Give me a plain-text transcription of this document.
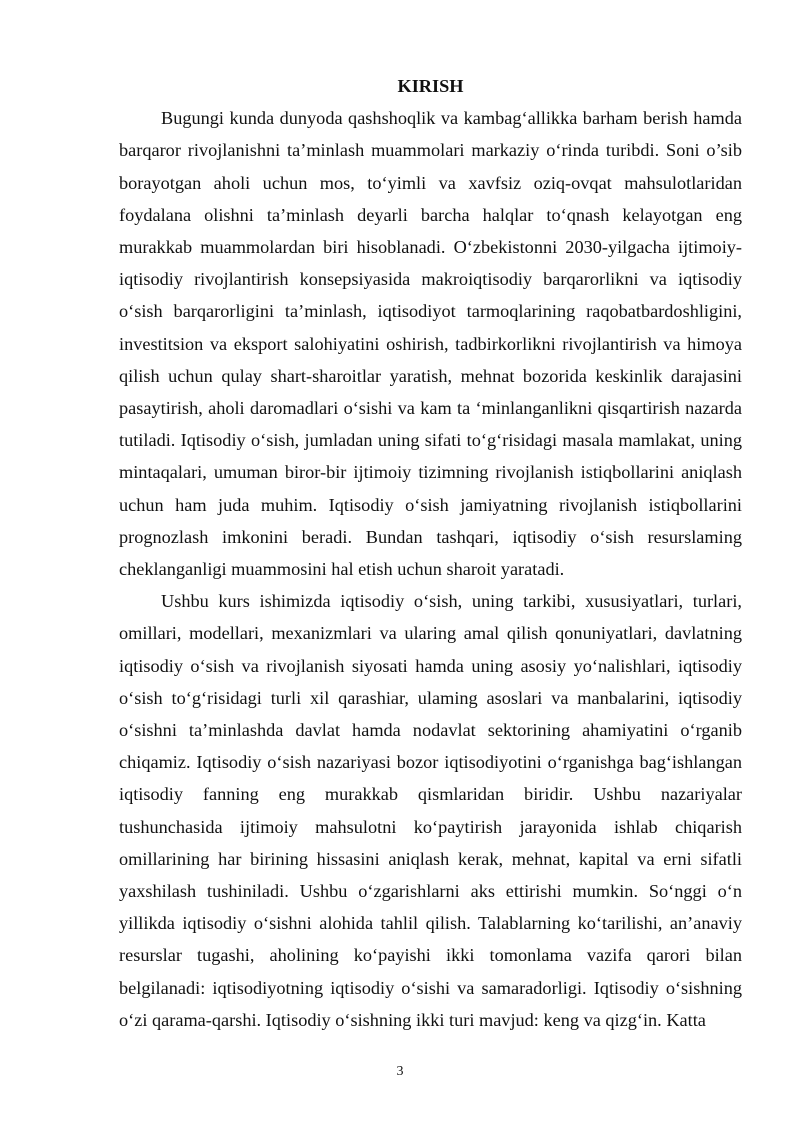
KIRISH

Bugungi kunda dunyoda qashshoqlik va kambag‘allikka barham berish hamda barqaror rivojlanishni ta’minlash muammolari markaziy o‘rinda turibdi. Soni o’sib borayotgan aholi uchun mos, to‘yimli va xavfsiz oziq-ovqat mahsulotlaridan foydalana olishni ta’minlash deyarli barcha halqlar to‘qnash kelayotgan eng murakkab muammolardan biri hisoblanadi. O‘zbekistonni 2030-yilgacha ijtimoiy-iqtisodiy rivojlantirish konsepsiyasida makroiqtisodiy barqarorlikni va iqtisodiy o‘sish barqarorligini ta’minlash, iqtisodiyot tarmoqlarining raqobatbardoshligini, investitsion va eksport salohiyatini oshirish, tadbirkorlikni rivojlantirish va himoya qilish uchun qulay shart-sharoitlar yaratish, mehnat bozorida keskinlik darajasini pasaytirish, aholi daromadlari o‘sishi va kam ta ‘minlanganlikni qisqartirish nazarda tutiladi. Iqtisodiy o‘sish, jumladan uning sifati to‘g‘risidagi masala mamlakat, uning mintaqalari, umuman biror-bir ijtimoiy tizimning rivojlanish istiqbollarini aniqlash uchun ham juda muhim. Iqtisodiy o‘sish jamiyatning rivojlanish istiqbollarini prognozlash imkonini beradi. Bundan tashqari, iqtisodiy o‘sish resurslaming cheklanganligi muammosini hal etish uchun sharoit yaratadi.

Ushbu kurs ishimizda iqtisodiy o‘sish, uning tarkibi, xususiyatlari, turlari, omillari, modellari, mexanizmlari va ularing amal qilish qonuniyatlari, davlatning iqtisodiy o‘sish va rivojlanish siyosati hamda uning asosiy yo‘nalishlari, iqtisodiy o‘sish to‘g‘risidagi turli xil qarashiar, ulaming asoslari va manbalarini, iqtisodiy o‘sishni ta’minlashda davlat hamda nodavlat sektorining ahamiyatini o‘rganib chiqamiz. Iqtisodiy o‘sish nazariyasi bozor iqtisodiyotini o‘rganishga bag‘ishlangan iqtisodiy fanning eng murakkab qismlaridan biridir. Ushbu nazariyalar tushunchasida ijtimoiy mahsulotni ko‘paytirish jarayonida ishlab chiqarish omillarining har birining hissasini aniqlash kerak, mehnat, kapital va erni sifatli yaxshilash tushiniladi. Ushbu o‘zgarishlarni aks ettirishi mumkin. So‘nggi o‘n yillikda iqtisodiy o‘sishni alohida tahlil qilish. Talablarning ko‘tarilishi, an’anaviy resurslar tugashi, aholining ko‘payishi ikki tomonlama vazifa qarori bilan belgilanadi: iqtisodiyotning iqtisodiy o‘sishi va samaradorligi. Iqtisodiy o‘sishning o‘zi qarama-qarshi. Iqtisodiy o‘sishning ikki turi mavjud: keng va qizg‘in. Katta

3
